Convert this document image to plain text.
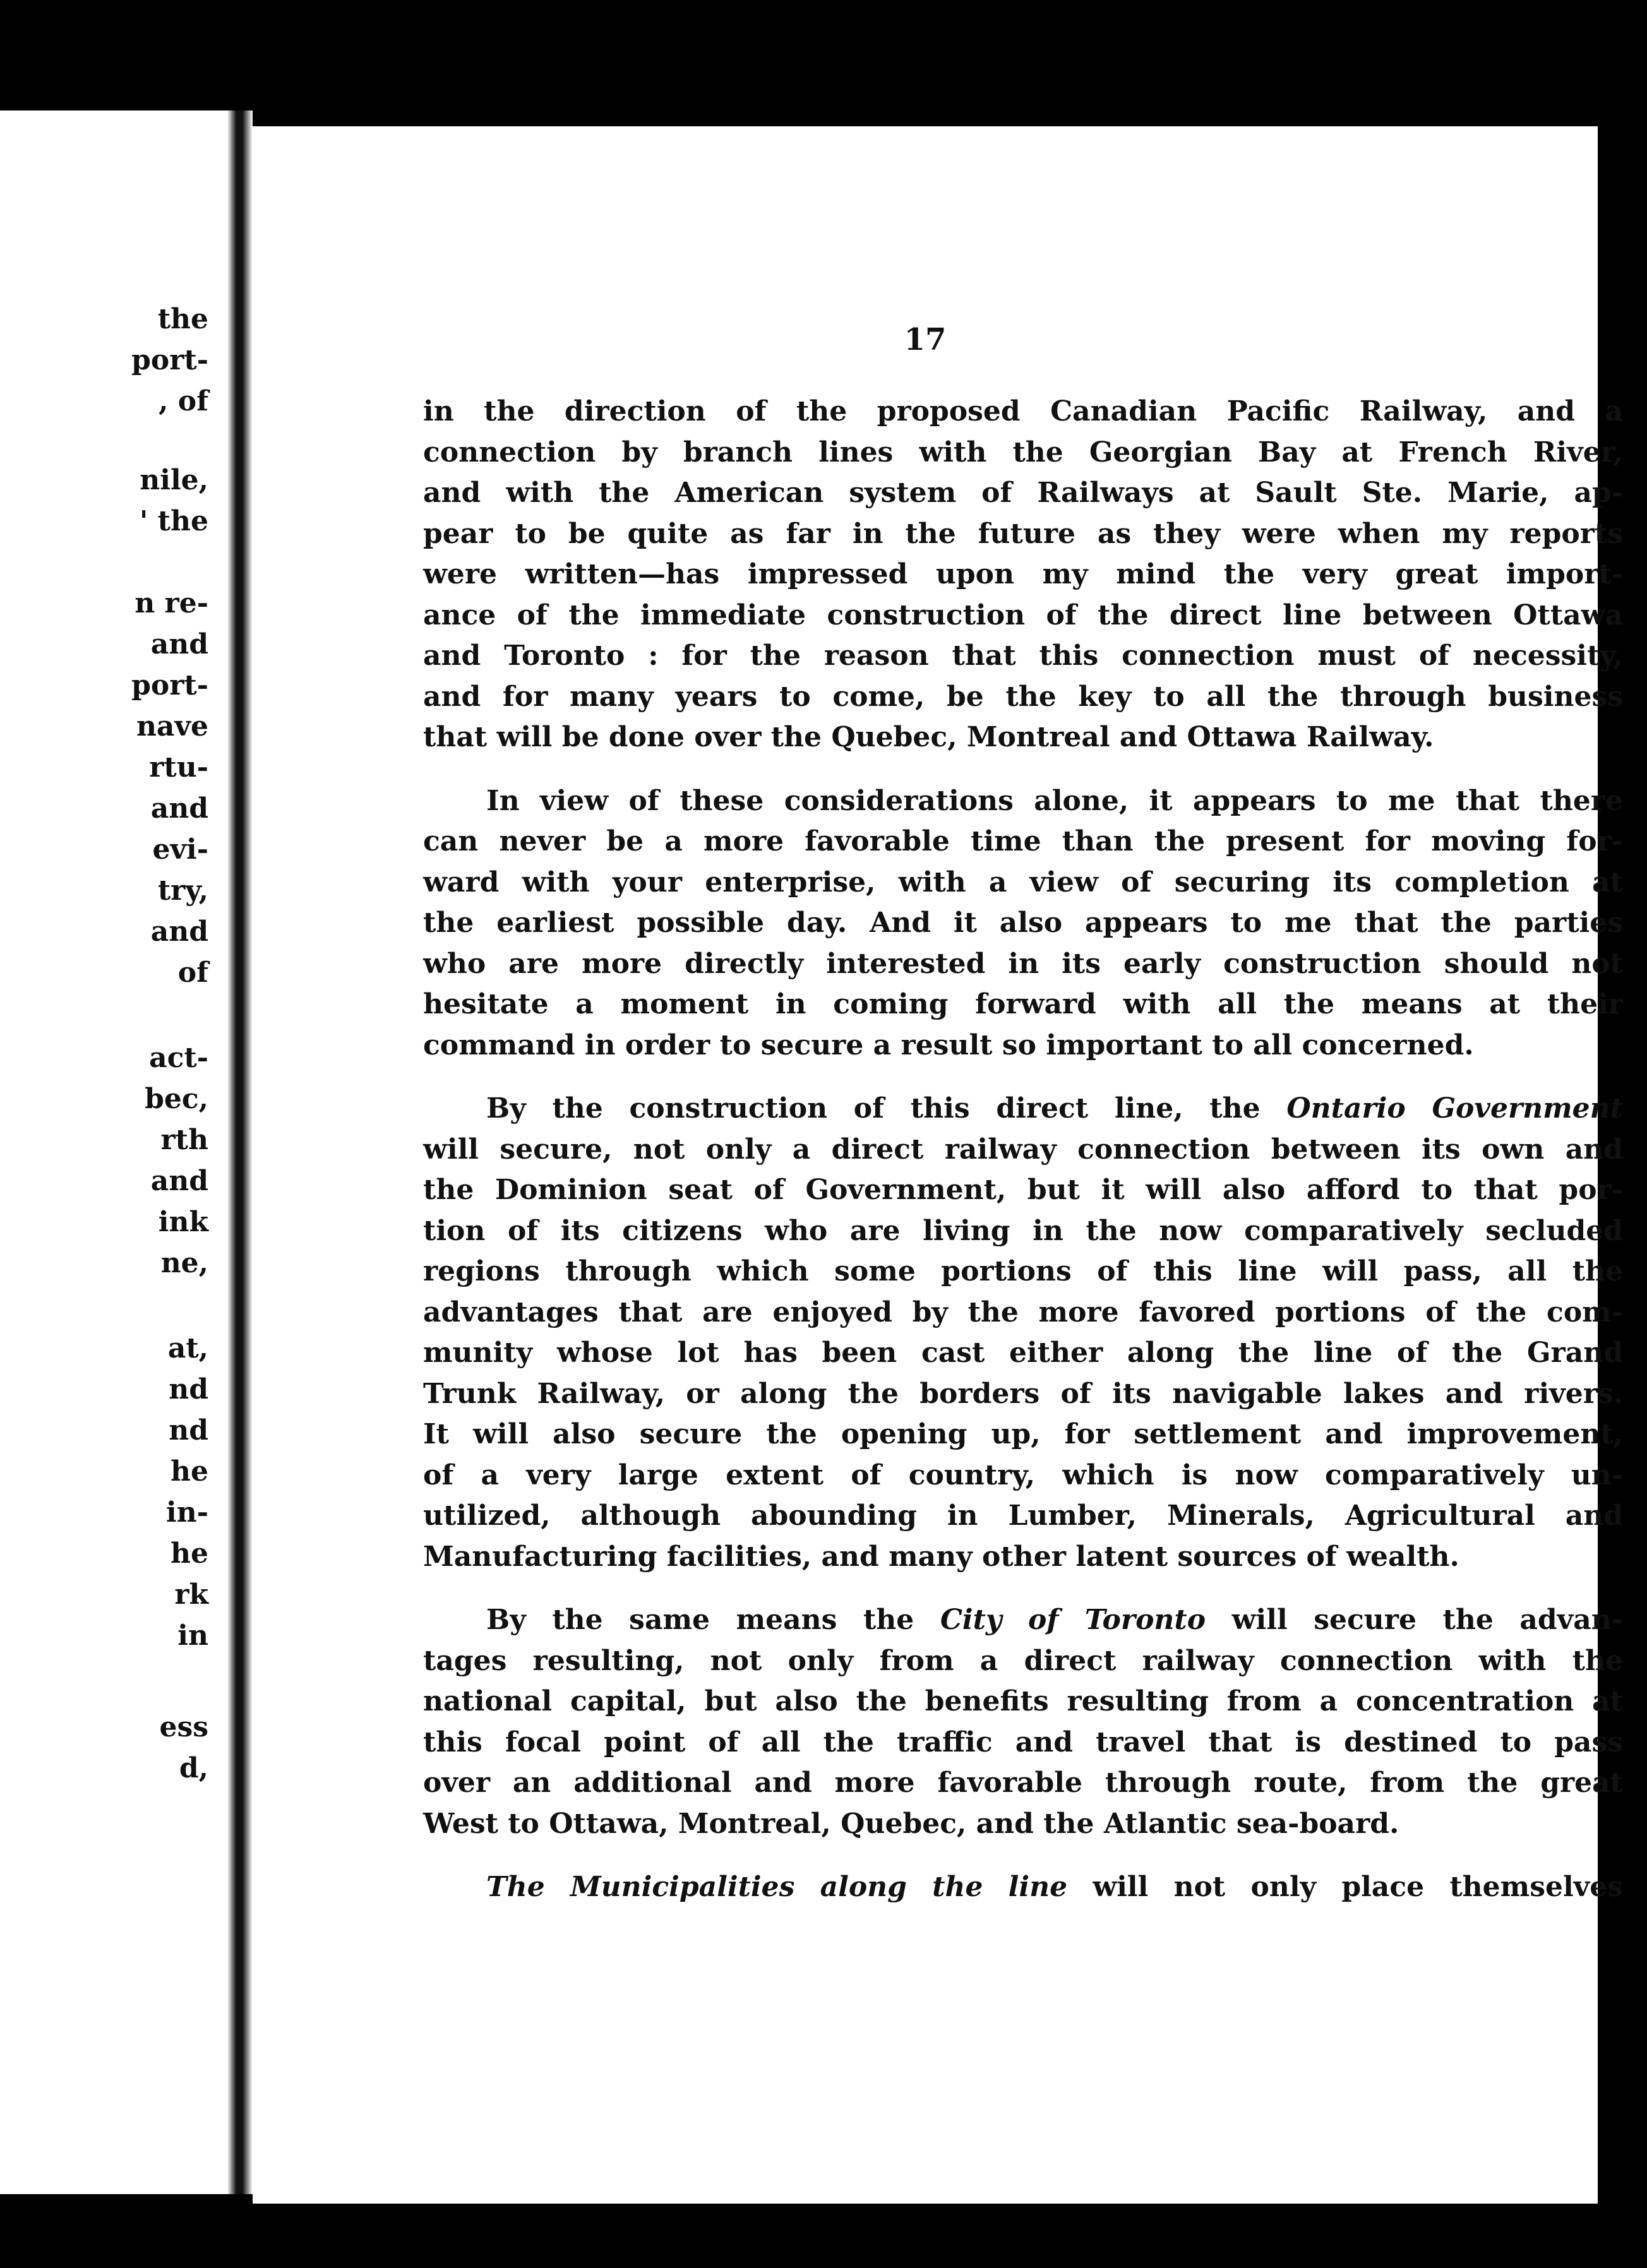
the
port-
, of
nile,
' the
n re-
and
port-
nave
rtu-
and
evi-
try,
and
of
act-
bec,
rth
and
ink
ne,
at,
nd
nd
he
in-
he
rk
in
ess
d,
17

in the direction of the proposed Canadian Pacific Railway, and a
connection by branch lines with the Georgian Bay at French River,
and with the American system of Railways at Sault Ste. Marie, ap-
pear to be quite as far in the future as they were when my reports
were written—has impressed upon my mind the very great import-
ance of the immediate construction of the direct line between Ottawa
and Toronto : for the reason that this connection must of necessity,
and for many years to come, be the key to all the through business
that will be done over the Quebec, Montreal and Ottawa Railway.

In view of these considerations alone, it appears to me that there
can never be a more favorable time than the present for moving for-
ward with your enterprise, with a view of securing its completion at
the earliest possible day. And it also appears to me that the parties
who are more directly interested in its early construction should not
hesitate a moment in coming forward with all the means at their
command in order to secure a result so important to all concerned.

By the construction of this direct line, the Ontario Government
will secure, not only a direct railway connection between its own and
the Dominion seat of Government, but it will also afford to that por-
tion of its citizens who are living in the now comparatively secluded
regions through which some portions of this line will pass, all the
advantages that are enjoyed by the more favored portions of the com-
munity whose lot has been cast either along the line of the Grand
Trunk Railway, or along the borders of its navigable lakes and rivers.
It will also secure the opening up, for settlement and improvement,
of a very large extent of country, which is now comparatively un-
utilized, although abounding in Lumber, Minerals, Agricultural and
Manufacturing facilities, and many other latent sources of wealth.

By the same means the City of Toronto will secure the advan-
tages resulting, not only from a direct railway connection with the
national capital, but also the benefits resulting from a concentration at
this focal point of all the traffic and travel that is destined to pass
over an additional and more favorable through route, from the great
West to Ottawa, Montreal, Quebec, and the Atlantic sea-board.

The Municipalities along the line will not only place themselves
